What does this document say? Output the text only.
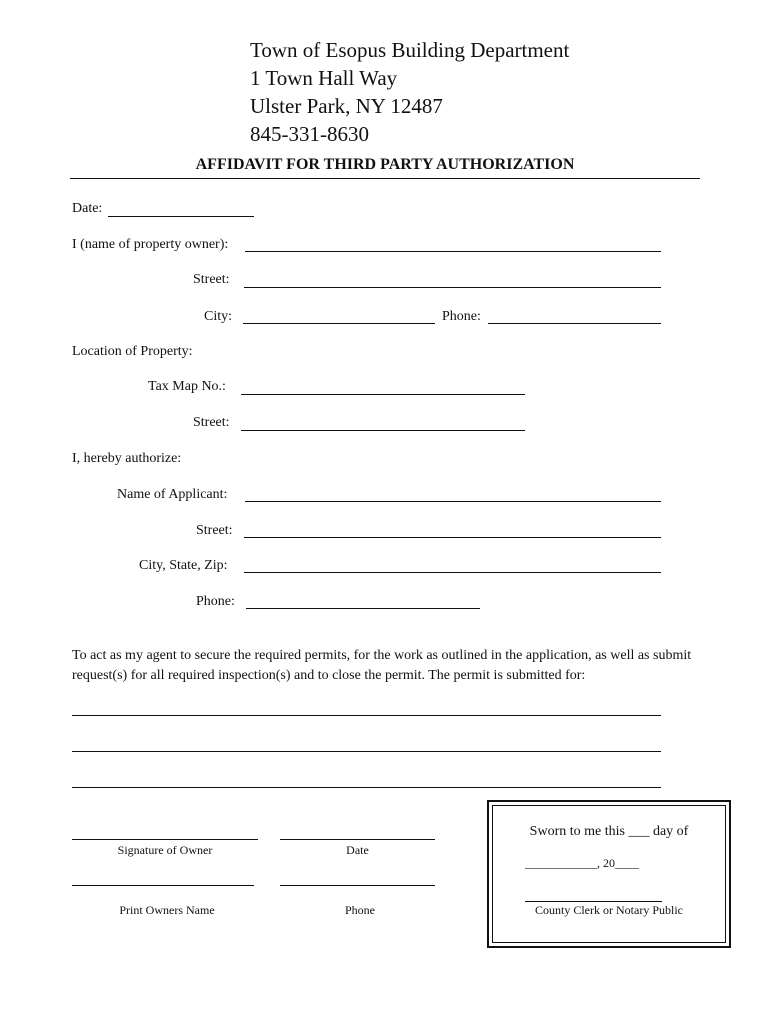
Town of Esopus Building Department
1 Town Hall Way
Ulster Park, NY 12487
845-331-8630
AFFIDAVIT FOR THIRD PARTY AUTHORIZATION
Date:
I (name of property owner):
Street:
City:	Phone:
Location of Property:
Tax Map No.:
Street:
I, hereby authorize:
Name of Applicant:
Street:
City, State, Zip:
Phone:
To act as my agent to secure the required permits, for the work as outlined in the application, as well as submit request(s) for all required inspection(s) and to close the permit. The permit is submitted for:
Signature of Owner	Date
Print Owners Name	Phone
Sworn to me this ___ day of
____________, 20____
County Clerk or Notary Public
